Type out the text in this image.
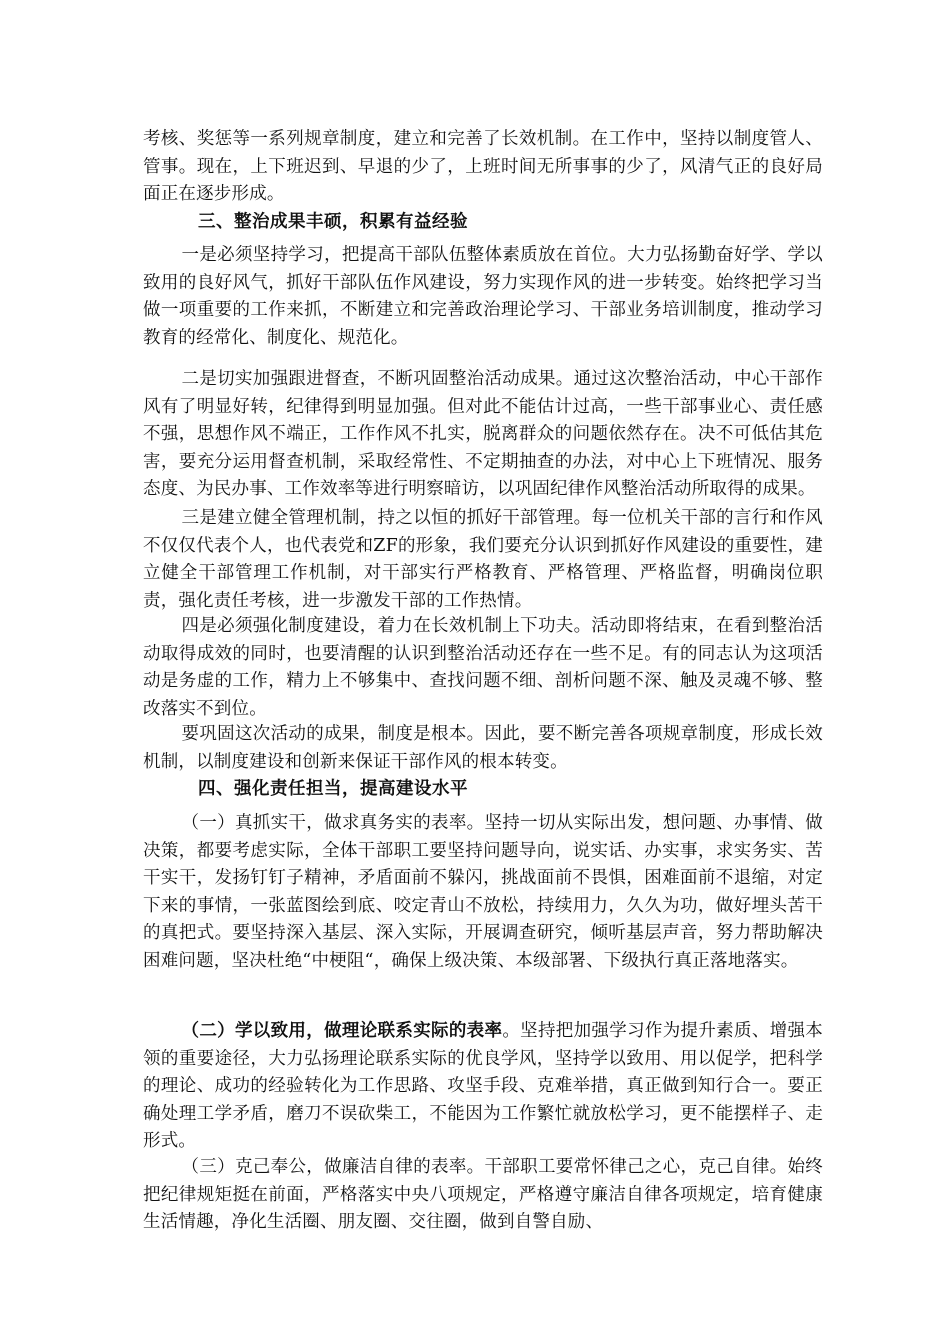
考核、奖惩等一系列规章制度，建立和完善了长效机制。在工作中，坚持以制度管人、管事。现在，上下班迟到、早退的少了，上班时间无所事事的少了，风清气正的良好局面正在逐步形成。

三、整治成果丰硕，积累有益经验

一是必须坚持学习，把提高干部队伍整体素质放在首位。大力弘扬勤奋好学、学以致用的良好风气，抓好干部队伍作风建设，努力实现作风的进一步转变。始终把学习当做一项重要的工作来抓，不断建立和完善政治理论学习、干部业务培训制度，推动学习教育的经常化、制度化、规范化。

二是切实加强跟进督查，不断巩固整治活动成果。通过这次整治活动，中心干部作风有了明显好转，纪律得到明显加强。但对此不能估计过高，一些干部事业心、责任感不强，思想作风不端正，工作作风不扎实，脱离群众的问题依然存在。决不可低估其危害，要充分运用督查机制，采取经常性、不定期抽查的办法，对中心上下班情况、服务态度、为民办事、工作效率等进行明察暗访，以巩固纪律作风整治活动所取得的成果。

三是建立健全管理机制，持之以恒的抓好干部管理。每一位机关干部的言行和作风不仅仅代表个人，也代表党和ZF的形象，我们要充分认识到抓好作风建设的重要性，建立健全干部管理工作机制，对干部实行严格教育、严格管理、严格监督，明确岗位职责，强化责任考核，进一步激发干部的工作热情。

四是必须强化制度建设，着力在长效机制上下功夫。活动即将结束，在看到整治活动取得成效的同时，也要清醒的认识到整治活动还存在一些不足。有的同志认为这项活动是务虚的工作，精力上不够集中、查找问题不细、剖析问题不深、触及灵魂不够、整改落实不到位。

要巩固这次活动的成果，制度是根本。因此，要不断完善各项规章制度，形成长效机制，以制度建设和创新来保证干部作风的根本转变。

四、强化责任担当，提高建设水平

（一）真抓实干，做求真务实的表率。坚持一切从实际出发，想问题、办事情、做决策，都要考虑实际，全体干部职工要坚持问题导向，说实话、办实事，求实务实、苦干实干，发扬钉钉子精神，矛盾面前不躲闪，挑战面前不畏惧，困难面前不退缩，对定下来的事情，一张蓝图绘到底、咬定青山不放松，持续用力，久久为功，做好埋头苦干的真把式。要坚持深入基层、深入实际，开展调查研究，倾听基层声音，努力帮助解决困难问题，坚决杜绝“中梗阻“，确保上级决策、本级部署、下级执行真正落地落实。

（二）学以致用，做理论联系实际的表率。坚持把加强学习作为提升素质、增强本领的重要途径，大力弘扬理论联系实际的优良学风，坚持学以致用、用以促学，把科学的理论、成功的经验转化为工作思路、攻坚手段、克难举措，真正做到知行合一。要正确处理工学矛盾，磨刀不误砍柴工，不能因为工作繁忙就放松学习，更不能摆样子、走形式。

（三）克己奉公，做廉洁自律的表率。干部职工要常怀律己之心，克己自律。始终把纪律规矩挺在前面，严格落实中央八项规定，严格遵守廉洁自律各项规定，培育健康生活情趣，净化生活圈、朋友圈、交往圈，做到自警自励、
